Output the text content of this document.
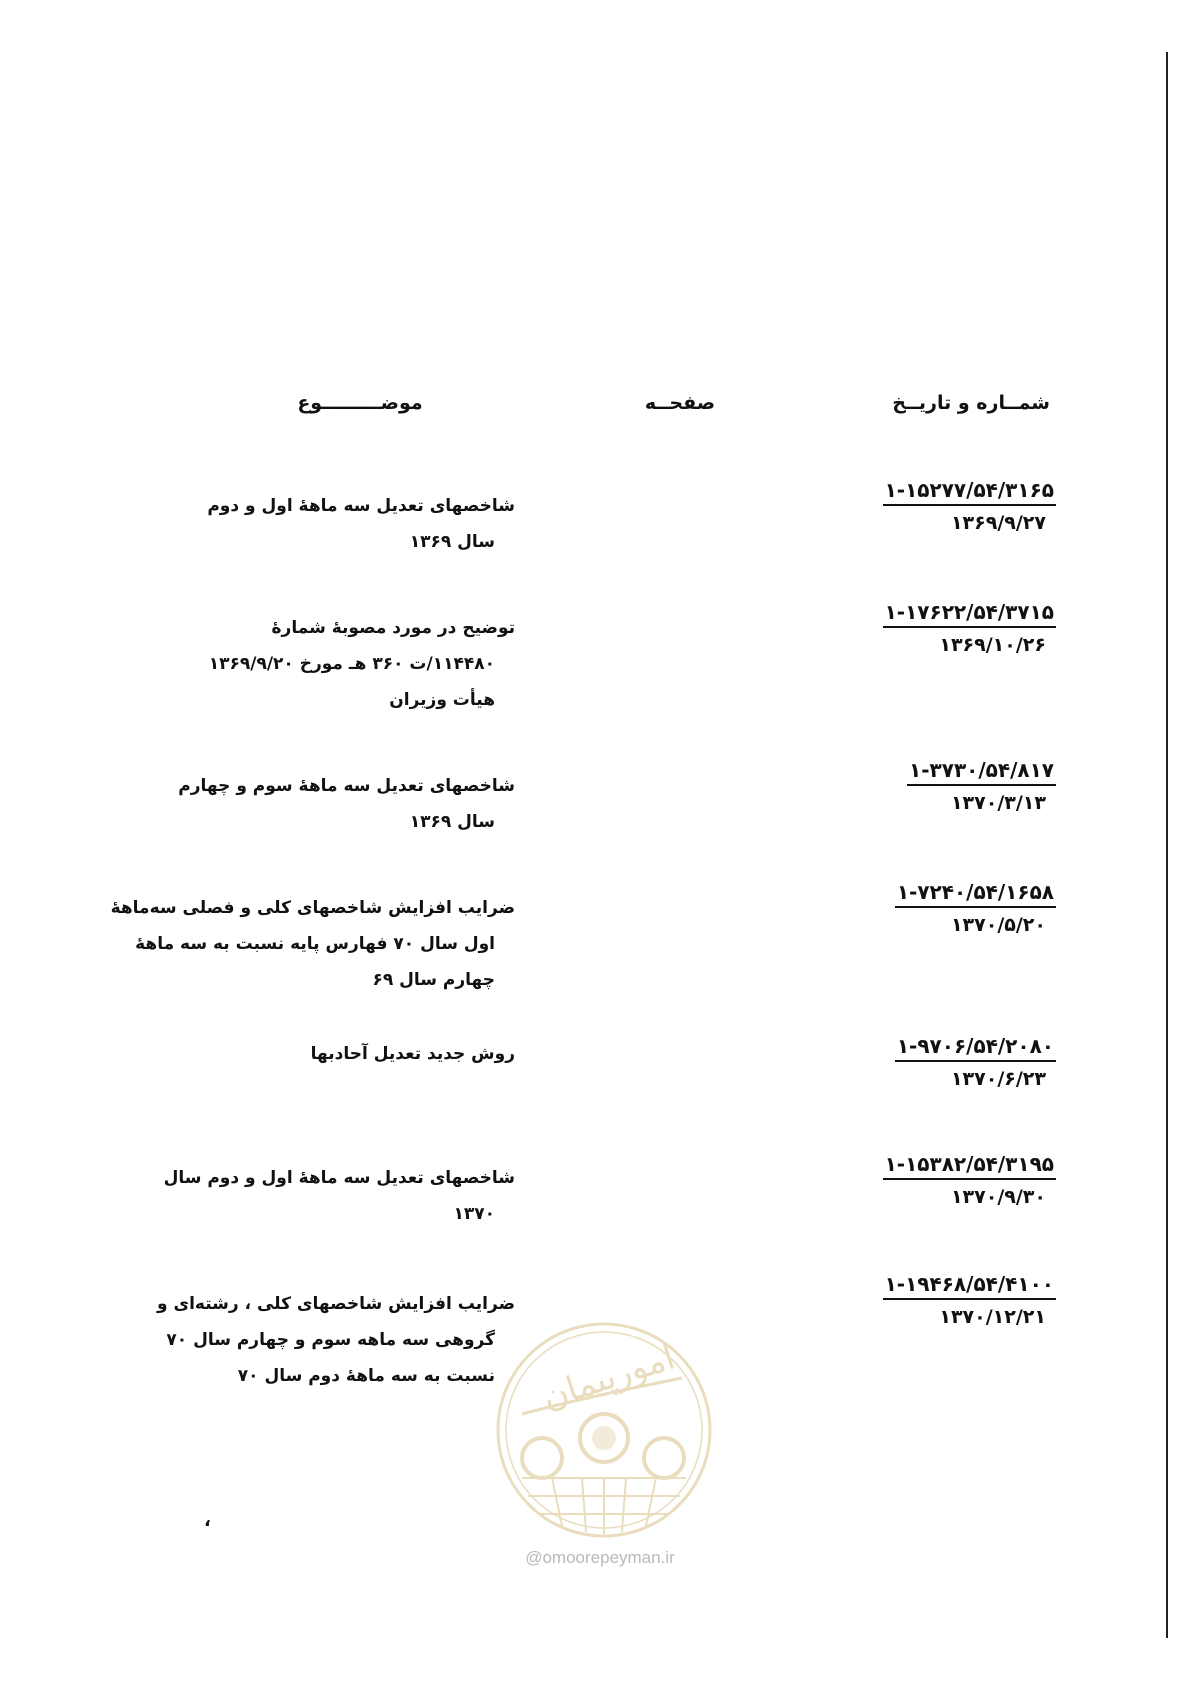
شمــاره و تاریــخ
صفحــه
موضـــــــــوع
۱-۱۵۲۷۷/۵۴/۳۱۶۵
۱۳۶۹/۹/۲۷
شاخصهای تعدیل سه ماههٔ اول و دوم
سال ۱۳۶۹
۱-۱۷۶۲۲/۵۴/۳۷۱۵
۱۳۶۹/۱۰/۲۶
توضیح در مورد مصوبه‌ٔ شماره‌ٔ
۱۱۴۴۸۰/ت ۳۶۰ هـ مورخ ۱۳۶۹/۹/۲۰
هیأت وزیران
۱-۳۷۳۰/۵۴/۸۱۷
۱۳۷۰/۳/۱۳
شاخصهای تعدیل سه ماههٔ سوم و چهارم
سال ۱۳۶۹
۱-۷۲۴۰/۵۴/۱۶۵۸
۱۳۷۰/۵/۲۰
ضرایب افزایش شاخصهای کلی و فصلی سه‌ماهه‌ٔ
اول سال ۷۰ فهارس پایه نسبت به سه ماهه‌ٔ
چهارم سال ۶۹
۱-۹۷۰۶/۵۴/۲۰۸۰
۱۳۷۰/۶/۲۳
روش جدید تعدیل آحادبها
۱-۱۵۳۸۲/۵۴/۳۱۹۵
۱۳۷۰/۹/۳۰
شاخصهای تعدیل سه ماهه‌ٔ اول و دوم سال
۱۳۷۰
۱-۱۹۴۶۸/۵۴/۴۱۰۰
۱۳۷۰/۱۲/۲۱
ضرایب افزایش شاخصهای کلی ، رشته‌ای و
گروهی سه ماهه سوم و چهارم سال ۷۰
نسبت به سه ماهه‌ٔ دوم سال ۷۰
،
امورپیمان
@omoorepeyman.ir
